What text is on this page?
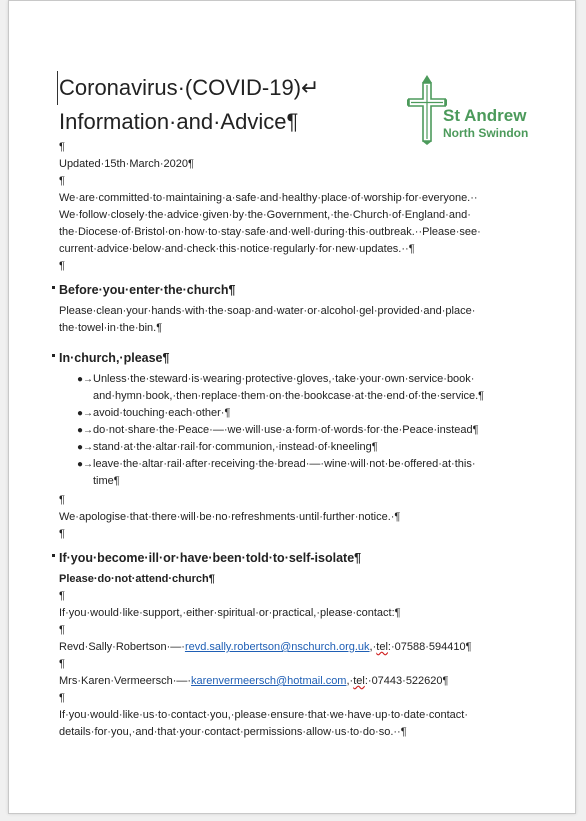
St Andrew
North Swindon
Coronavirus·(COVID-19)↵
Information·and·Advice¶
¶

Updated·15th·March·2020¶

¶

We·are·committed·to·maintaining·a·safe·and·healthy·place·of·worship·for·everyone.··

We·follow·closely·the·advice·given·by·the·Government,·the·Church·of·England·and·

the·Diocese·of·Bristol·on·how·to·stay·safe·and·well·during·this·outbreak.··Please·see·

current·advice·below·and·check·this·notice·regularly·for·new·updates.··¶

¶
Before·you·enter·the·church¶

Please·clean·your·hands·with·the·soap·and·water·or·alcohol·gel·provided·and·place·

the·towel·in·the·bin.¶

In·church,·please¶
●→ Unless·the·steward·is·wearing·protective·gloves,·take·your·own·service·book·
and·hymn·book,·then·replace·them·on·the·bookcase·at·the·end·of·the·service.¶
●→ avoid·touching·each·other·¶
●→ do·not·share·the·Peace·—·we·will·use·a·form·of·words·for·the·Peace·instead¶
●→ stand·at·the·altar·rail·for·communion,·instead·of·kneeling¶
●→ leave·the·altar·rail·after·receiving·the·bread·—·wine·will·not·be·offered·at·this·
time¶
¶

We·apologise·that·there·will·be·no·refreshments·until·further·notice.·¶

¶
If·you·become·ill·or·have·been·told·to·self-isolate¶

Please·do·not·attend·church¶

¶

If·you·would·like·support,·either·spiritual·or·practical,·please·contact:¶

¶

Revd·Sally·Robertson·—·revd.sally.robertson@nschurch.org.uk,·tel:·07588·594410¶

¶

Mrs·Karen·Vermeersch·—·karenvermeersch@hotmail.com,·tel:·07443·522620¶

¶

If·you·would·like·us·to·contact·you,·please·ensure·that·we·have·up·to·date·contact·

details·for·you,·and·that·your·contact·permissions·allow·us·to·do·so.··¶
